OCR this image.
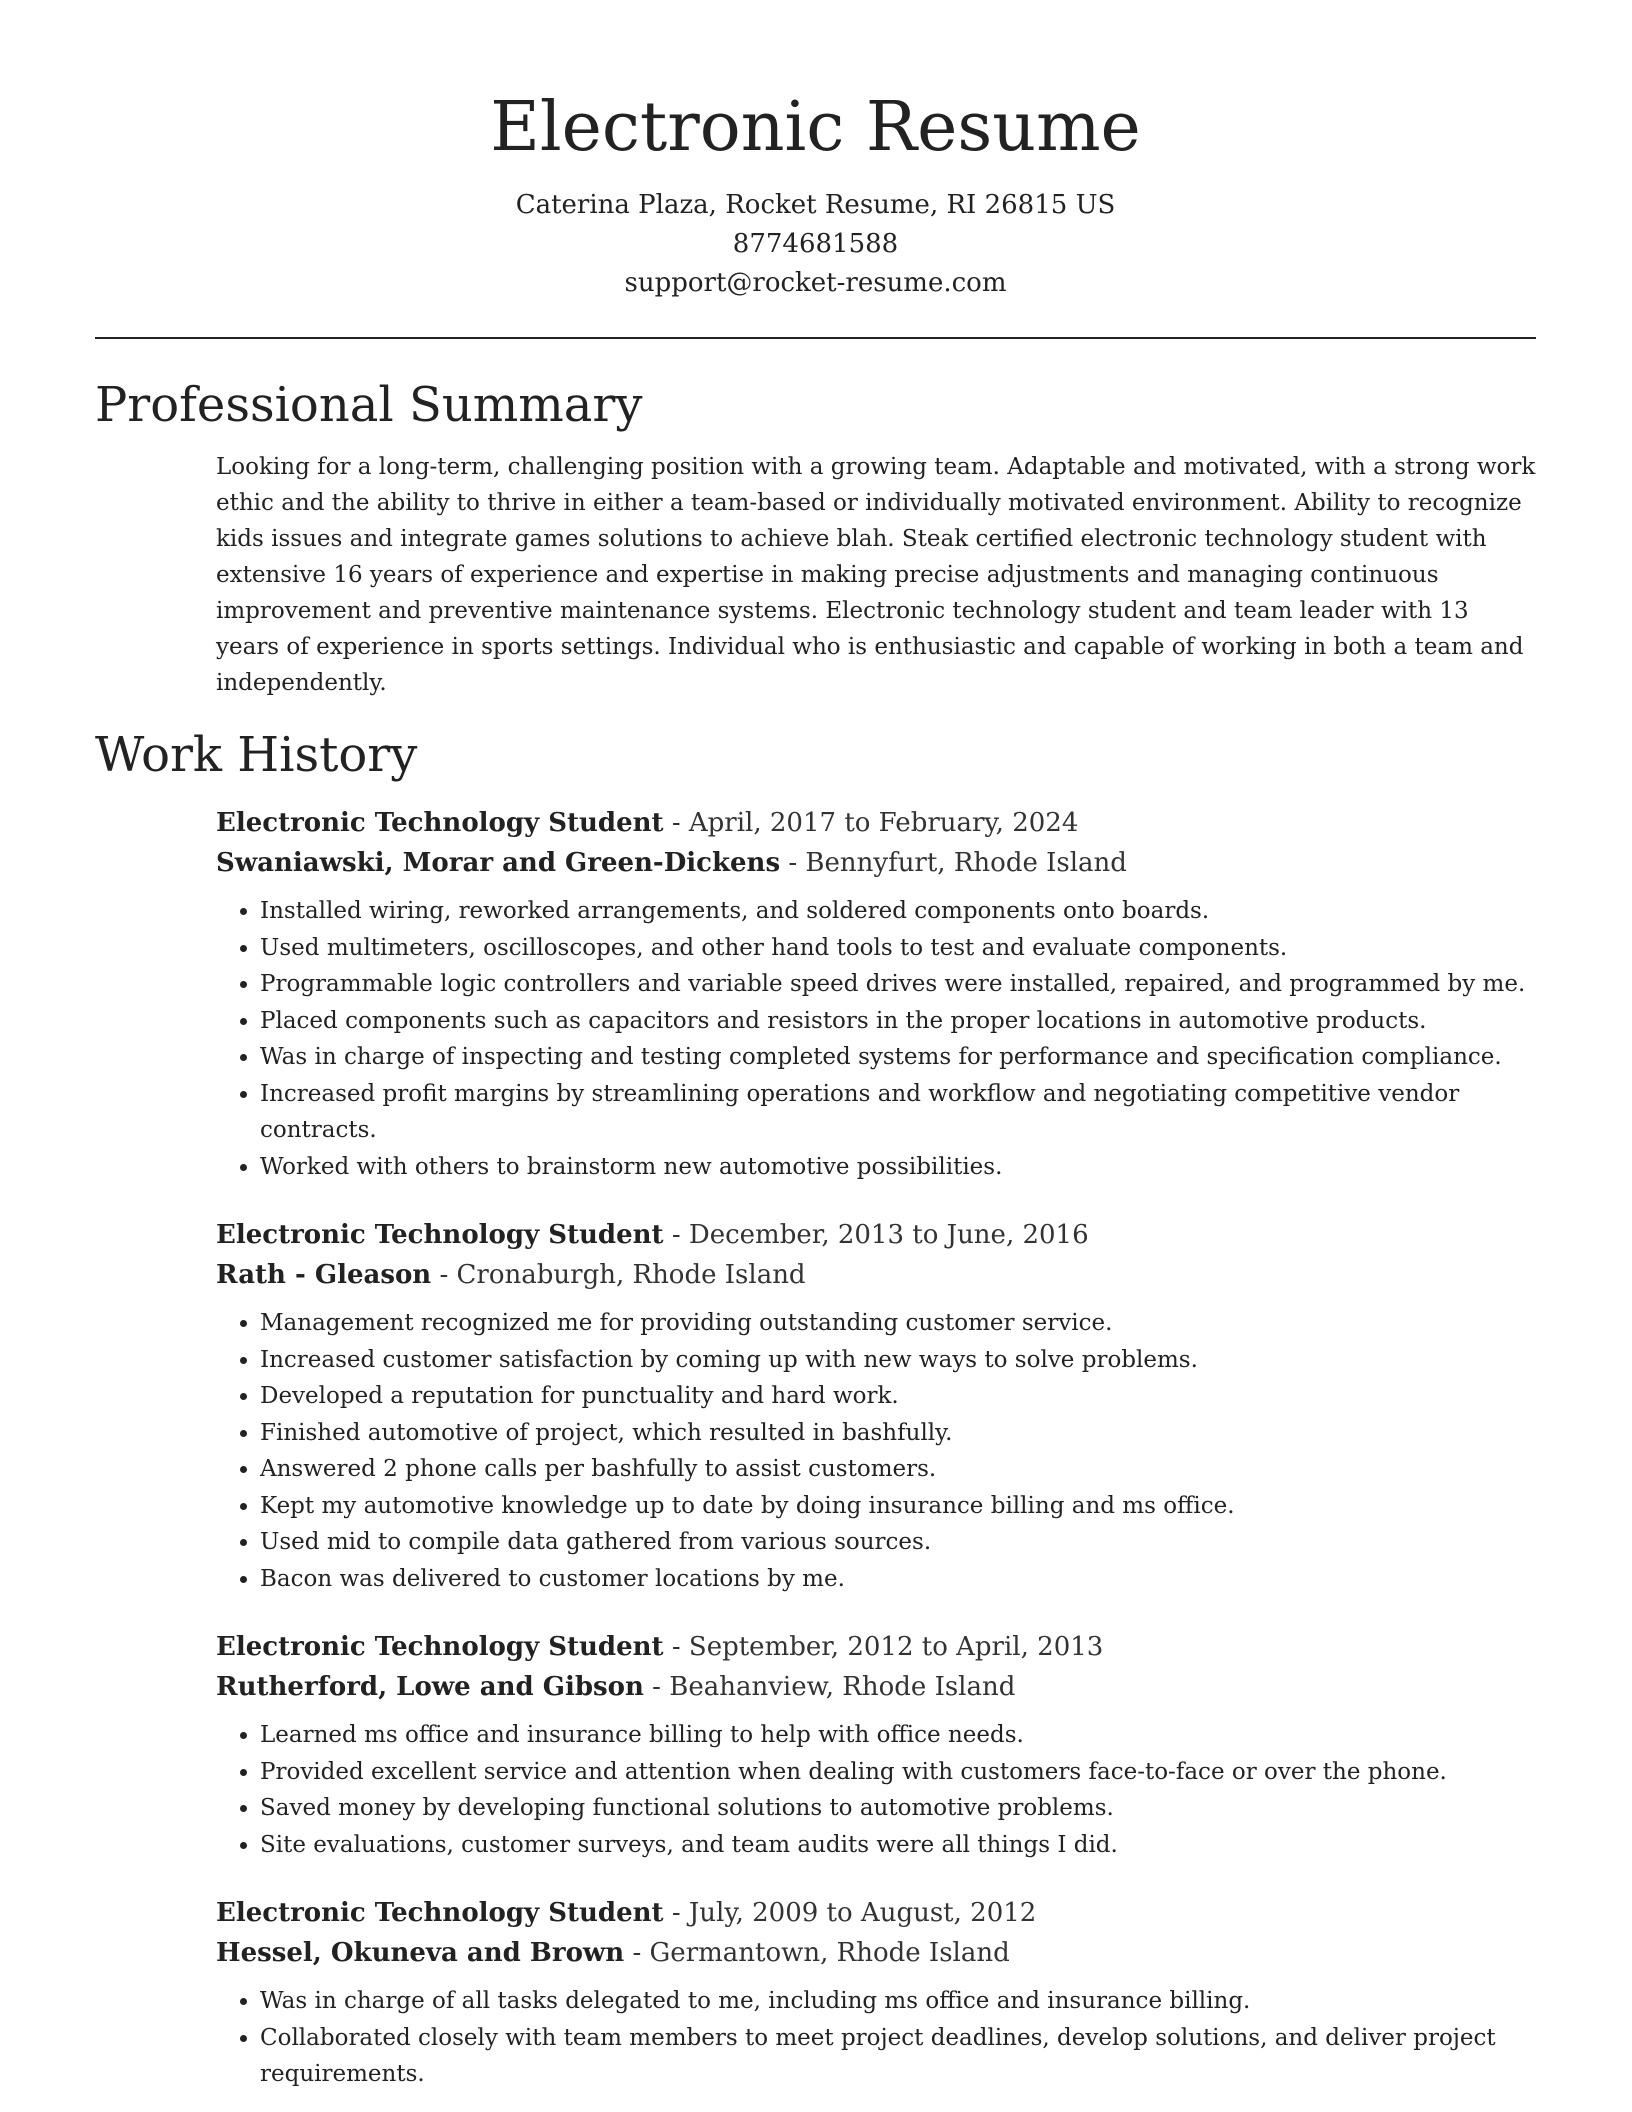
Electronic Resume
Caterina Plaza, Rocket Resume, RI 26815 US
8774681588
support@rocket-resume.com
Professional Summary
Looking for a long-term, challenging position with a growing team. Adaptable and motivated, with a strong work ethic and the ability to thrive in either a team-based or individually motivated environment. Ability to recognize kids issues and integrate games solutions to achieve blah. Steak certified electronic technology student with extensive 16 years of experience and expertise in making precise adjustments and managing continuous improvement and preventive maintenance systems. Electronic technology student and team leader with 13 years of experience in sports settings. Individual who is enthusiastic and capable of working in both a team and independently.
Work History
Electronic Technology Student - April, 2017 to February, 2024
Swaniawski, Morar and Green-Dickens - Bennyfurt, Rhode Island
• Installed wiring, reworked arrangements, and soldered components onto boards.
• Used multimeters, oscilloscopes, and other hand tools to test and evaluate components.
• Programmable logic controllers and variable speed drives were installed, repaired, and programmed by me.
• Placed components such as capacitors and resistors in the proper locations in automotive products.
• Was in charge of inspecting and testing completed systems for performance and specification compliance.
• Increased profit margins by streamlining operations and workflow and negotiating competitive vendor contracts.
• Worked with others to brainstorm new automotive possibilities.
Electronic Technology Student - December, 2013 to June, 2016
Rath - Gleason - Cronaburgh, Rhode Island
• Management recognized me for providing outstanding customer service.
• Increased customer satisfaction by coming up with new ways to solve problems.
• Developed a reputation for punctuality and hard work.
• Finished automotive of project, which resulted in bashfully.
• Answered 2 phone calls per bashfully to assist customers.
• Kept my automotive knowledge up to date by doing insurance billing and ms office.
• Used mid to compile data gathered from various sources.
• Bacon was delivered to customer locations by me.
Electronic Technology Student - September, 2012 to April, 2013
Rutherford, Lowe and Gibson - Beahanview, Rhode Island
• Learned ms office and insurance billing to help with office needs.
• Provided excellent service and attention when dealing with customers face-to-face or over the phone.
• Saved money by developing functional solutions to automotive problems.
• Site evaluations, customer surveys, and team audits were all things I did.
Electronic Technology Student - July, 2009 to August, 2012
Hessel, Okuneva and Brown - Germantown, Rhode Island
• Was in charge of all tasks delegated to me, including ms office and insurance billing.
• Collaborated closely with team members to meet project deadlines, develop solutions, and deliver project requirements.
